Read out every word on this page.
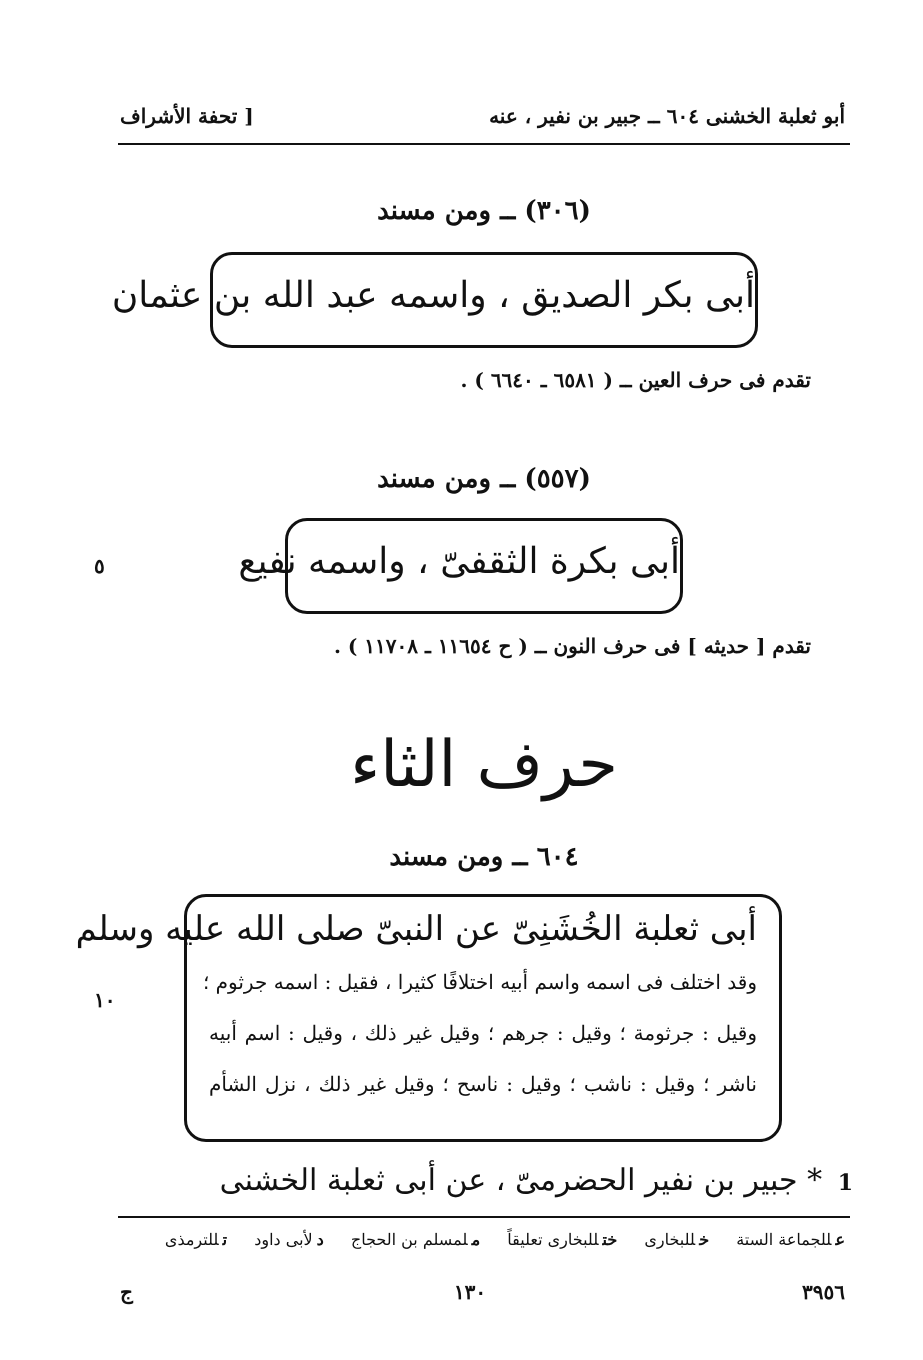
أبو ثعلبة الخشنى ٦٠٤ ــ جبير بن نفير ، عنه
[ تحفة الأشراف
(٣٠٦) ــ ومن مسند
أبى بكر الصديق ، واسمه عبد الله بن عثمان
تقدم فى حرف العين ــ ( ٦٥٨١ ـ ٦٦٤٠ ) .
(٥٥٧) ــ ومن مسند
أبى بكرة الثقفىّ ، واسمه نفيع
٥
تقدم [ حديثه ] فى حرف النون ــ ( ح ١١٦٥٤ ـ ١١٧٠٨ ) .
حرف الثاء
٦٠٤ ــ ومن مسند
أبى ثعلبة الخُشَنِىّ عن النبىّ صلى الله عليه وسلم
وقد اختلف فى اسمه واسم أبيه اختلافًا كثيرا ، فقيل : اسمه جرثوم ؛
وقيل : جرثومة ؛ وقيل : جرهم ؛ وقيل غير ذلك ، وقيل : اسم أبيه
ناشر ؛ وقيل : ناشب ؛ وقيل : ناسح ؛ وقيل غير ذلك ، نزل الشأم
١٠
1 * جبير بن نفير الحضرمىّ ، عن أبى ثعلبة الخشنى
عللجماعة الستة خللبخارى ختللبخارى تعليقاً ملمسلم بن الحجاج دلأبى داود تللترمذى
٣٩٥٦
١٣٠
ج
